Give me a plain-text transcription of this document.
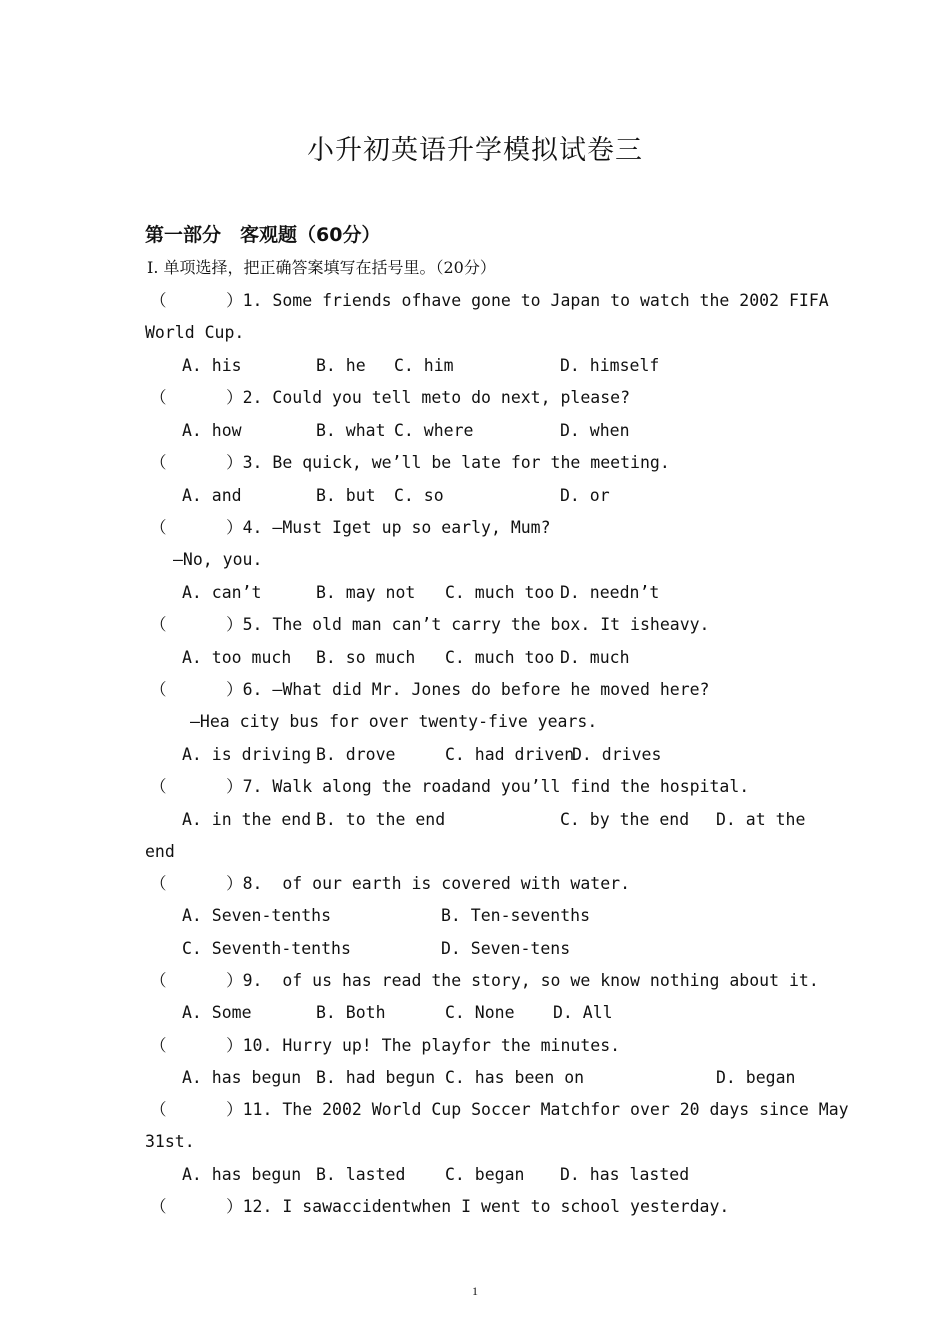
小升初英语升学模拟试卷三
第一部分　客观题（60分）
Ⅰ. 单项选择，把正确答案填写在括号里。（20分）
（      ）1. Some friends ofhave gone to Japan to watch the 2002 FIFA
World Cup.
A. his	B. he C. him	D. himself
（      ）2. Could you tell meto do next, please?
A. how	B. what C. where	D. when
（      ）3. Be quick, we’ll be late for the meeting.
A. and	B. but C. so	D. or
（      ）4. —Must Iget up so early, Mum?
—No, you.
A. can’t	B. may not C. much too D. needn’t
（      ）5. The old man can’t carry the box. It isheavy.
A. too much B. so much C. much too D. much
（      ）6. —What did Mr. Jones do before he moved here?
—Hea city bus for over twenty-five years.
A. is driving B. drove	C. had driven
D. drives
（      ）7. Walk along the roadand you’ll find the hospital.
A. in the end B. to the end	C. by the end D. at the
end
（      ）8.  of our earth is covered with water.
A. Seven-tenths	B. Ten-sevenths
C. Seventh-tenths	D. Seven-tens
（      ）9.  of us has read the story, so we know nothing about it.
A. Some	B. Both	C. None D. All
（      ）10. Hurry up! The playfor the minutes.
A. has begun B. had begun C. has been on	D. began
（      ）11. The 2002 World Cup Soccer Matchfor over 20 days since May
31st.
A. has begun B. lasted C. began D. has lasted
（      ）12. I sawaccidentwhen I went to school yesterday.
1
